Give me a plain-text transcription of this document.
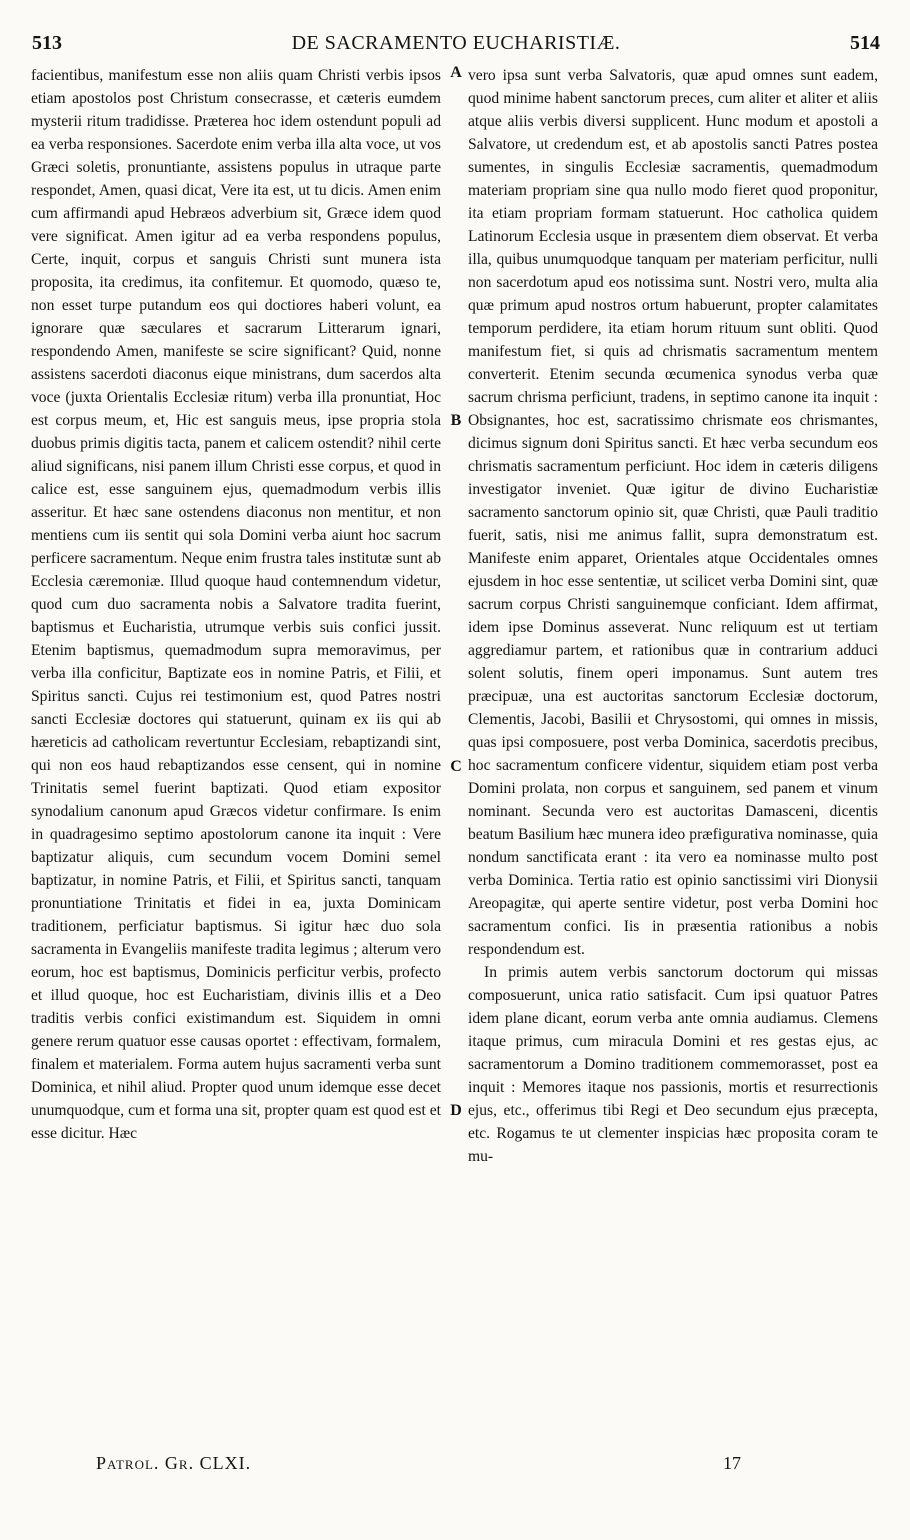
513	DE SACRAMENTO EUCHARISTIÆ.	514

facientibus, manifestum esse non aliis quam Christi verbis ipsos etiam apostolos post Christum consecrasse, et cæteris eumdem mysterii ritum tradidisse. Præterea hoc idem ostendunt populi ad ea verba responsiones. Sacerdote enim verba illa alta voce, ut vos Græci soletis, pronuntiante, assistens populus in utraque parte respondet, Amen, quasi dicat, Vere ita est, ut tu dicis. Amen enim cum affirmandi apud Hebræos adverbium sit, Græce idem quod vere significat. Amen igitur ad ea verba respondens populus, Certe, inquit, corpus et sanguis Christi sunt munera ista proposita, ita credimus, ita confitemur. Et quomodo, quæso te, non esset turpe putandum eos qui doctiores haberi volunt, ea ignorare quæ sæculares et sacrarum Litterarum ignari, respondendo Amen, manifeste se scire significant? Quid, nonne assistens sacerdoti diaconus eique ministrans, dum sacerdos alta voce (juxta Orientalis Ecclesiæ ritum) verba illa pronuntiat, Hoc est corpus meum, et, Hic est sanguis meus, ipse propria stola duobus primis digitis tacta, panem et calicem ostendit? nihil certe aliud significans, nisi panem illum Christi esse corpus, et quod in calice est, esse sanguinem ejus, quemadmodum verbis illis asseritur. Et hæc sane ostendens diaconus non mentitur, et non mentiens cum iis sentit qui sola Domini verba aiunt hoc sacrum perficere sacramentum. Neque enim frustra tales institutæ sunt ab Ecclesia cæremoniæ. Illud quoque haud contemnendum videtur, quod cum duo sacramenta nobis a Salvatore tradita fuerint, baptismus et Eucharistia, utrumque verbis suis confici jussit. Etenim baptismus, quemadmodum supra memoravimus, per verba illa conficitur, Baptizate eos in nomine Patris, et Filii, et Spiritus sancti. Cujus rei testimonium est, quod Patres nostri sancti Ecclesiæ doctores qui statuerunt, quinam ex iis qui ab hæreticis ad catholicam revertuntur Ecclesiam, rebaptizandi sint, qui non eos haud rebaptizandos esse censent, qui in nomine Trinitatis semel fuerint baptizati. Quod etiam expositor synodalium canonum apud Græcos videtur confirmare. Is enim in quadragesimo septimo apostolorum canone ita inquit : Vere baptizatur aliquis, cum secundum vocem Domini semel baptizatur, in nomine Patris, et Filii, et Spiritus sancti, tanquam pronuntiatione Trinitatis et fidei in ea, juxta Dominicam traditionem, perficiatur baptismus. Si igitur hæc duo sola sacramenta in Evangeliis manifeste tradita legimus ; alterum vero eorum, hoc est baptismus, Dominicis perficitur verbis, profecto et illud quoque, hoc est Eucharistiam, divinis illis et a Deo traditis verbis confici existimandum est. Siquidem in omni genere rerum quatuor esse causas oportet : effectivam, formalem, finalem et materialem. Forma autem hujus sacramenti verba sunt Dominica, et nihil aliud. Propter quod unum idemque esse decet unumquodque, cum et forma una sit, propter quam est quod est et esse dicitur. Hæc

A
B
C
D

vero ipsa sunt verba Salvatoris, quæ apud omnes sunt eadem, quod minime habent sanctorum preces, cum aliter et aliter et aliis atque aliis verbis diversi supplicent. Hunc modum et apostoli a Salvatore, ut credendum est, et ab apostolis sancti Patres postea sumentes, in singulis Ecclesiæ sacramentis, quemadmodum materiam propriam sine qua nullo modo fieret quod proponitur, ita etiam propriam formam statuerunt. Hoc catholica quidem Latinorum Ecclesia usque in præsentem diem observat. Et verba illa, quibus unumquodque tanquam per materiam perficitur, nulli non sacerdotum apud eos notissima sunt. Nostri vero, multa alia quæ primum apud nostros ortum habuerunt, propter calamitates temporum perdidere, ita etiam horum rituum sunt obliti. Quod manifestum fiet, si quis ad chrismatis sacramentum mentem converterit. Etenim secunda œcumenica synodus verba quæ sacrum chrisma perficiunt, tradens, in septimo canone ita inquit : Obsignantes, hoc est, sacratissimo chrismate eos chrismantes, dicimus signum doni Spiritus sancti. Et hæc verba secundum eos chrismatis sacramentum perficiunt. Hoc idem in cæteris diligens investigator inveniet. Quæ igitur de divino Eucharistiæ sacramento sanctorum opinio sit, quæ Christi, quæ Pauli traditio fuerit, satis, nisi me animus fallit, supra demonstratum est. Manifeste enim apparet, Orientales atque Occidentales omnes ejusdem in hoc esse sententiæ, ut scilicet verba Domini sint, quæ sacrum corpus Christi sanguinemque conficiant. Idem affirmat, idem ipse Dominus asseverat. Nunc reliquum est ut tertiam aggrediamur partem, et rationibus quæ in contrarium adduci solent solutis, finem operi imponamus. Sunt autem tres præcipuæ, una est auctoritas sanctorum Ecclesiæ doctorum, Clementis, Jacobi, Basilii et Chrysostomi, qui omnes in missis, quas ipsi composuere, post verba Dominica, sacerdotis precibus, hoc sacramentum conficere videntur, siquidem etiam post verba Domini prolata, non corpus et sanguinem, sed panem et vinum nominant. Secunda vero est auctoritas Damasceni, dicentis beatum Basilium hæc munera ideo præfigurativa nominasse, quia nondum sanctificata erant : ita vero ea nominasse multo post verba Dominica. Tertia ratio est opinio sanctissimi viri Dionysii Areopagitæ, qui aperte sentire videtur, post verba Domini hoc sacramentum confici. Iis in præsentia rationibus a nobis respondendum est.

In primis autem verbis sanctorum doctorum qui missas composuerunt, unica ratio satisfacit. Cum ipsi quatuor Patres idem plane dicant, eorum verba ante omnia audiamus. Clemens itaque primus, cum miracula Domini et res gestas ejus, ac sacramentorum a Domino traditionem commemorasset, post ea inquit : Memores itaque nos passionis, mortis et resurrectionis ejus, etc., offerimus tibi Regi et Deo secundum ejus præcepta, etc. Rogamus te ut clementer inspicias hæc proposita coram te mu-

Patrol. Gr. CLXI.	17
